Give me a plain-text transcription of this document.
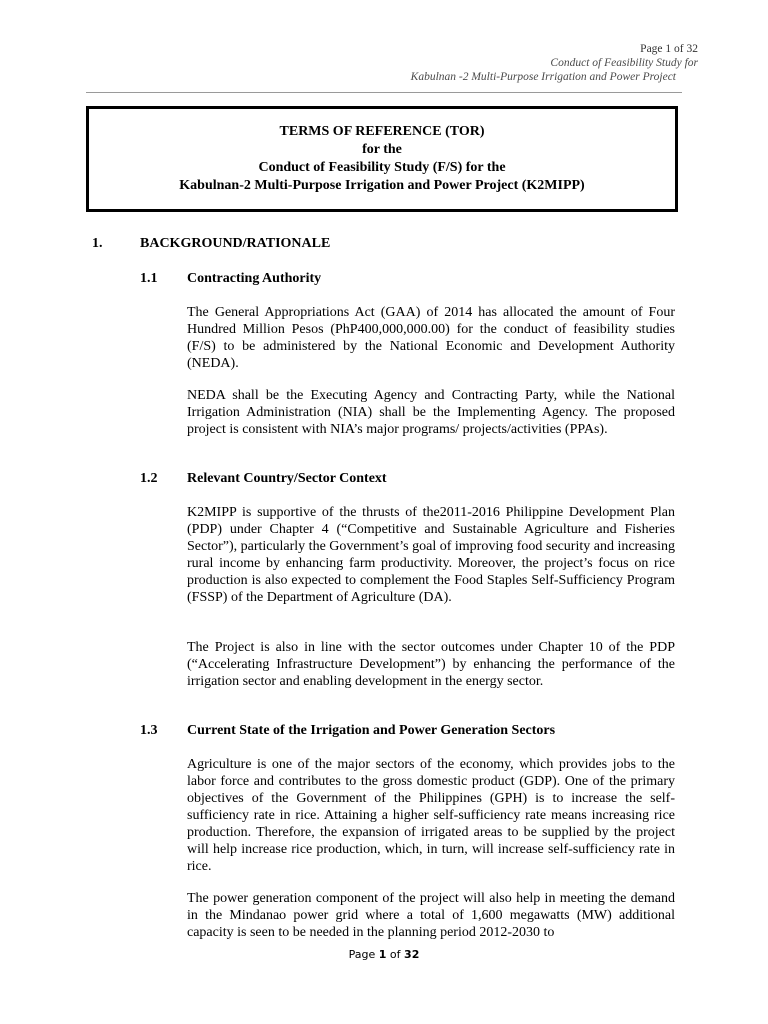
Page 1 of 32
Conduct of Feasibility Study for
Kabulnan -2 Multi-Purpose Irrigation and Power Project
TERMS OF REFERENCE (TOR)
for the
Conduct of Feasibility Study (F/S) for the
Kabulnan-2 Multi-Purpose Irrigation and Power Project (K2MIPP)
1.	BACKGROUND/RATIONALE
1.1 Contracting Authority

The General Appropriations Act (GAA) of 2014 has allocated the amount of Four Hundred Million Pesos (PhP400,000,000.00) for the conduct of feasibility studies (F/S) to be administered by the National Economic and Development Authority (NEDA).

NEDA shall be the Executing Agency and Contracting Party, while the National Irrigation Administration (NIA) shall be the Implementing Agency. The proposed project is consistent with NIA’s major programs/ projects/activities (PPAs).

1.2 Relevant Country/Sector Context

K2MIPP is supportive of the thrusts of the2011-2016 Philippine Development Plan (PDP) under Chapter 4 (“Competitive and Sustainable Agriculture and Fisheries Sector”), particularly the Government’s goal of improving food security and increasing rural income by enhancing farm productivity. Moreover, the project’s focus on rice production is also expected to complement the Food Staples Self-Sufficiency Program (FSSP) of the Department of Agriculture (DA).

The Project is also in line with the sector outcomes under Chapter 10 of the PDP (“Accelerating Infrastructure Development”) by enhancing the performance of the irrigation sector and enabling development in the energy sector.

1.3 Current State of the Irrigation and Power Generation Sectors

Agriculture is one of the major sectors of the economy, which provides jobs to the labor force and contributes to the gross domestic product (GDP). One of the primary objectives of the Government of the Philippines (GPH) is to increase the self-sufficiency rate in rice. Attaining a higher self-sufficiency rate means increasing rice production. Therefore, the expansion of irrigated areas to be supplied by the project will help increase rice production, which, in turn, will increase self-sufficiency rate in rice.

The power generation component of the project will also help in meeting the demand in the Mindanao power grid where a total of 1,600 megawatts (MW) additional capacity is seen to be needed in the planning period 2012-2030 to

Page 1 of 32
